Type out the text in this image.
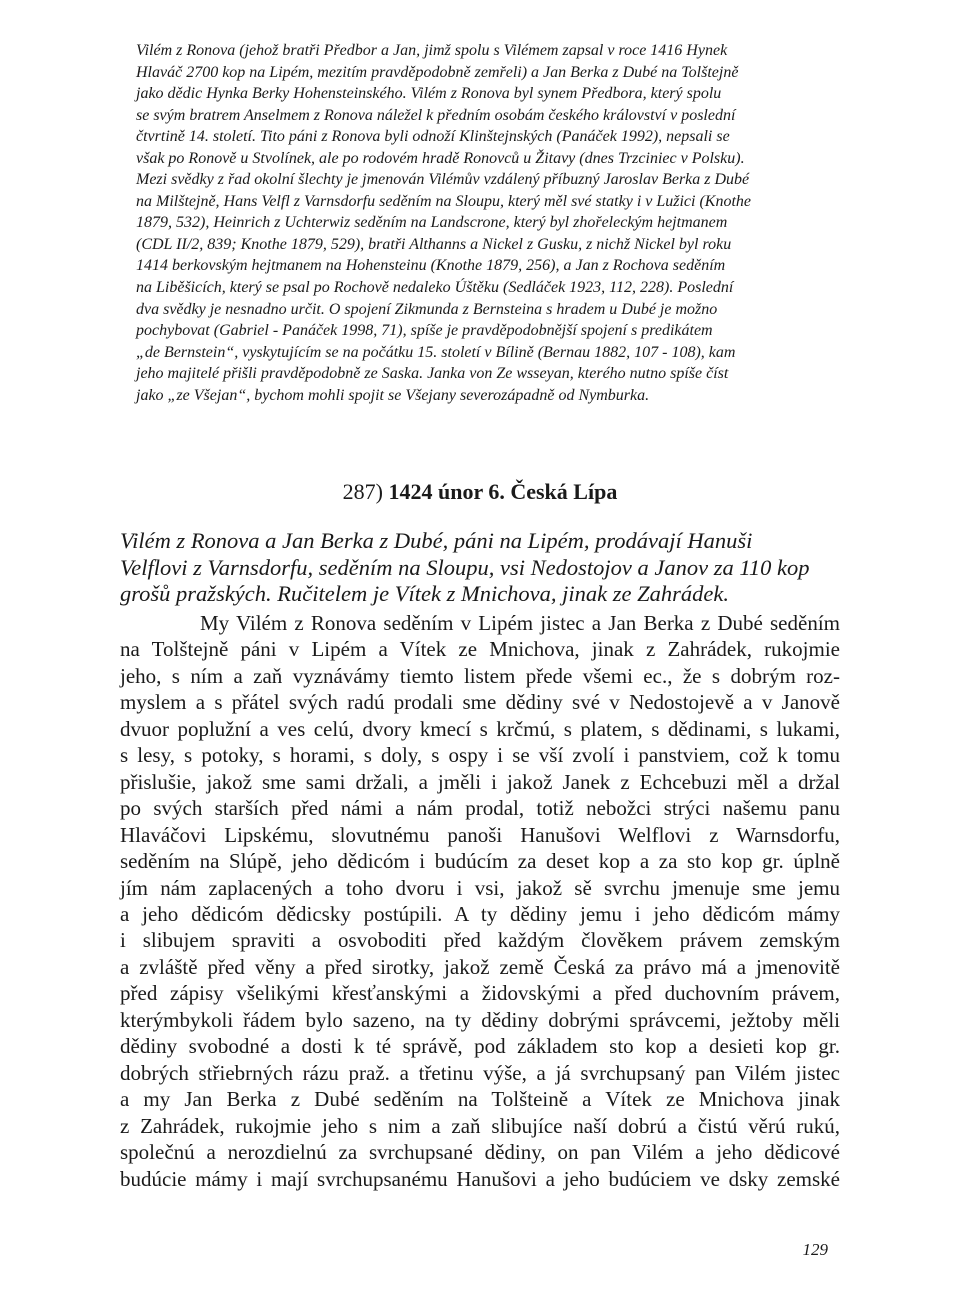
Vilém z Ronova (jehož bratři Předbor a Jan, jimž spolu s Vilémem zapsal v roce 1416 Hynek
Hlaváč 2700 kop na Lipém, mezitím pravděpodobně zemřeli) a Jan Berka z Dubé na Tolštejně
jako dědic Hynka Berky Hohensteinského. Vilém z Ronova byl synem Předbora, který spolu
se svým bratrem Anselmem z Ronova náležel k předním osobám českého království v poslední
čtvrtině 14. století. Tito páni z Ronova byli odnoží Klinštejnských (Panáček 1992), nepsali se
však po Ronově u Stvolínek, ale po rodovém hradě Ronovců u Žitavy (dnes Trzciniec v Polsku).
Mezi svědky z řad okolní šlechty je jmenován Vilémův vzdálený příbuzný Jaroslav Berka z Dubé
na Milštejně, Hans Velfl z Varnsdorfu seděním na Sloupu, který měl své statky i v Lužici (Knothe
1879, 532), Heinrich z Uchterwiz seděním na Landscrone, který byl zhořeleckým hejtmanem
(CDL II/2, 839; Knothe 1879, 529), bratři Althanns a Nickel z Gusku, z nichž Nickel byl roku
1414 berkovským hejtmanem na Hohensteinu (Knothe 1879, 256), a Jan z Rochova seděním
na Liběšicích, který se psal po Rochově nedaleko Úštěku (Sedláček 1923, 112, 228). Poslední
dva svědky je nesnadno určit. O spojení Zikmunda z Bernsteina s hradem u Dubé je možno
pochybovat (Gabriel - Panáček 1998, 71), spíše je pravděpodobnější spojení s predikátem
„de Bernstein“, vyskytujícím se na počátku 15. století v Bílině (Bernau 1882, 107 - 108), kam
jeho majitelé přišli pravděpodobně ze Saska. Janka von Ze wsseyan, kterého nutno spíše číst
jako „ze Všejan“, bychom mohli spojit se Všejany severozápadně od Nymburka.
287) 1424 únor 6. Česká Lípa
Vilém z Ronova a Jan Berka z Dubé, páni na Lipém, prodávají Hanuši
Velflovi z Varnsdorfu, seděním na Sloupu, vsi Nedostojov a Janov za 110 kop
grošů pražských. Ručitelem je Vítek z Mnichova, jinak ze Zahrádek.
My Vilém z Ronova seděním v Lipém jistec a Jan Berka z Dubé seděním
na Tolštejně páni v Lipém a Vítek ze Mnichova, jinak z Zahrádek, rukojmie
jeho, s ním a zaň vyznávámy tiemto listem přede všemi ec., že s dobrým roz-
myslem a s přátel svých radú prodali sme dědiny své v Nedostojevě a v Janově
dvuor poplužní a ves celú, dvory kmecí s krčmú, s platem, s dědinami, s lukami,
s lesy, s potoky, s horami, s doly, s ospy i se vší zvolí i panstviem, což k tomu
přislušie, jakož sme sami držali, a jměli i jakož Janek z Echcebuzi měl a držal
po svých starších před námi a nám prodal, totiž nebožci strýci našemu panu
Hlaváčovi Lipskému, slovutnému panoši Hanušovi Welflovi z Warnsdorfu,
seděním na Slúpě, jeho dědicóm i budúcím za deset kop a za sto kop gr. úplně
jím nám zaplacených a toho dvoru i vsi, jakož sě svrchu jmenuje sme jemu
a jeho dědicóm dědicsky postúpili. A ty dědiny jemu i jeho dědicóm mámy
i slibujem spraviti a osvoboditi před každým člověkem právem zemským
a zvláště před věny a před sirotky, jakož země Česká za právo má a jmenovitě
před zápisy všelikými křesťanskými a židovskými a před duchovním právem,
kterýmbykoli řádem bylo sazeno, na ty dědiny dobrými správcemi, ježtoby měli
dědiny svobodné a dosti k té správě, pod základem sto kop a desieti kop gr.
dobrých střiebrných rázu praž. a třetinu výše, a já svrchupsaný pan Vilém jistec
a my Jan Berka z Dubé seděním na Tolšteině a Vítek ze Mnichova jinak
z Zahrádek, rukojmie jeho s nim a zaň slibujíce naší dobrú a čistú věrú rukú,
společnú a nerozdielnú za svrchupsané dědiny, on pan Vilém a jeho dědicové
budúcie mámy i mají svrchupsanému Hanušovi a jeho budúciem ve dsky zemské
129
